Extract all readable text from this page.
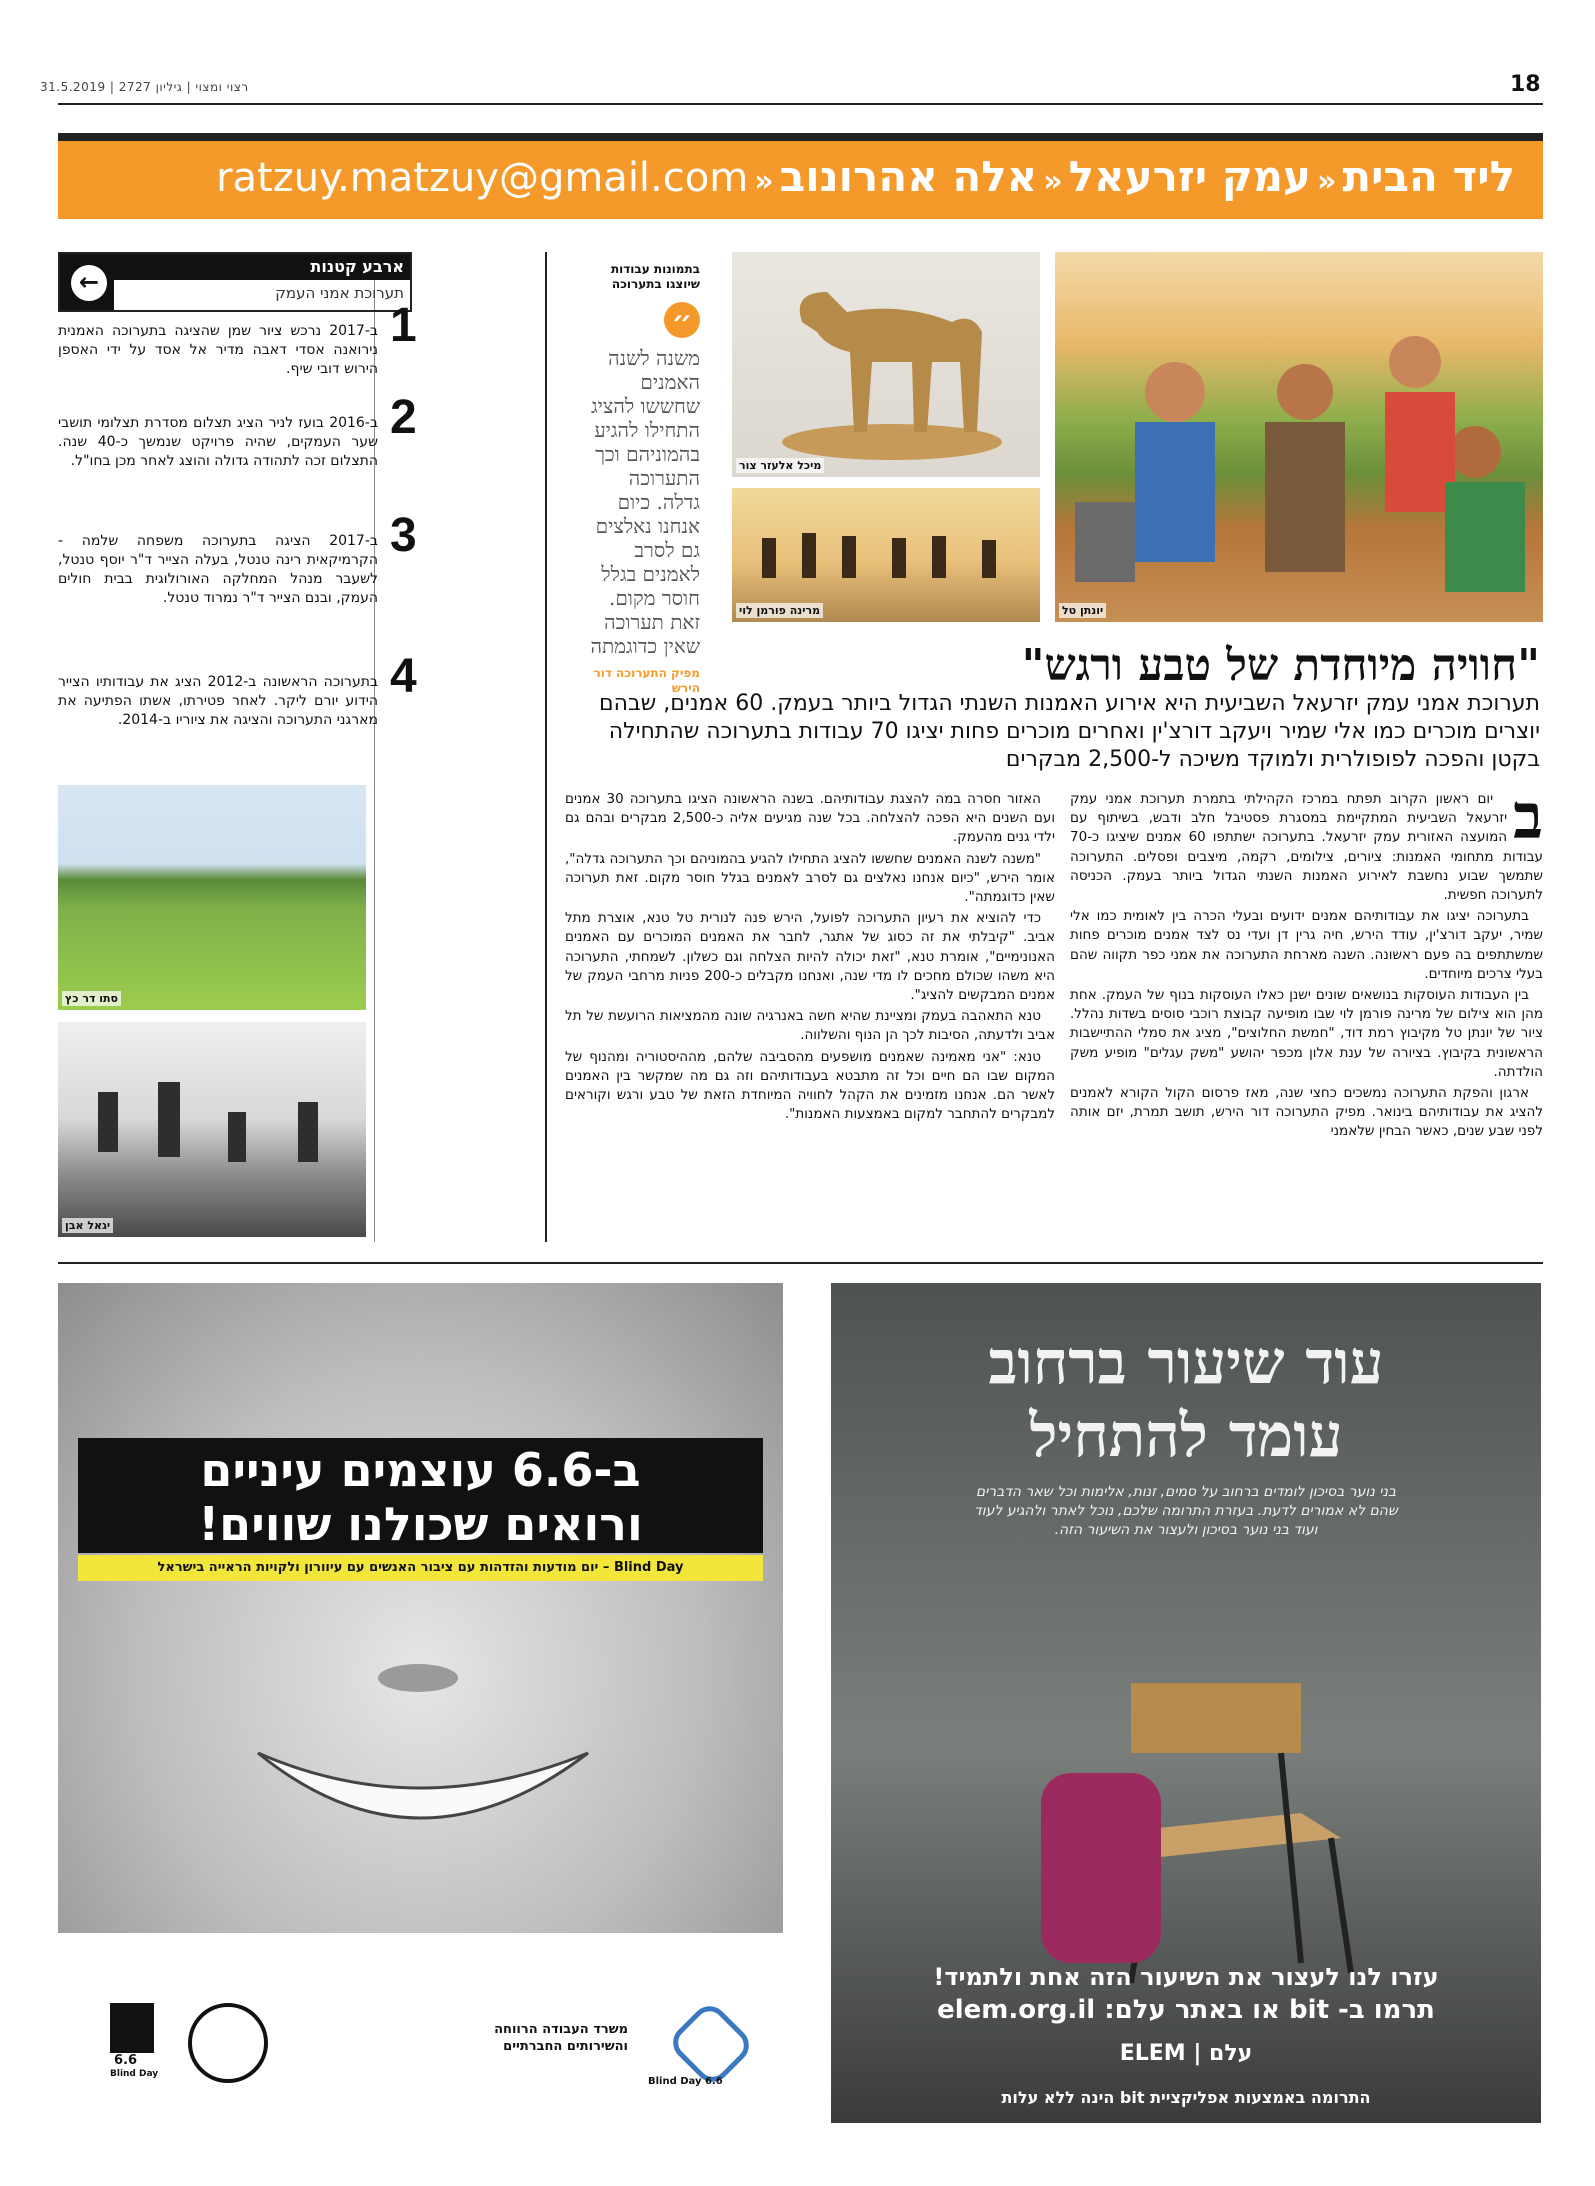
רצוי ומצוי | גיליון 2727 | 31.5.2019	18
ליד הבית«עמק יזרעאל«אלה אהרונוב«ratzuy.matzuy@gmail.com
יונתן טל
מיכל אלעזר צור
מרינה פורמן לוי
בתמונות עבודות שיוצגו בתערוכה
״
משנה לשנה האמנים שחששו להציג התחילו להגיע בהמוניהם וכך התערוכה גדלה. כיום אנחנו נאלצים גם לסרב לאמנים בגלל חוסר מקום. זאת תערוכה שאין כדוגמתה
מפיק התערוכה דור הירש	"חוויה מיוחדת של טבע ורגש"
תערוכת אמני עמק יזרעאל השביעית היא אירוע האמנות השנתי הגדול ביותר בעמק. 60 אמנים, שבהם יוצרים מוכרים כמו אלי שמיר ויעקב דורצ'ין ואחרים מוכרים פחות יציגו 70 עבודות בתערוכה שהתחילה בקטן והפכה לפופולרית ולמוקד משיכה ל-2,500 מבקרים
ב

יום ראשון הקרוב תפתח במרכז הקהילתי בתמרת תערוכת אמני עמק יזרעאל השביעית המתקיימת במסגרת פסטיבל חלב ודבש, בשיתוף עם המועצה האזורית עמק יזרעאל. בתערוכה ישתתפו 60 אמנים שיציגו כ-70 עבודות מתחומי האמנות: ציורים, צילומים, רקמה, מיצבים ופסלים. התערוכה שתמשך שבוע נחשבת לאירוע האמנות השנתי הגדול ביותר בעמק. הכניסה לתערוכה חפשית.

בתערוכה יציגו את עבודותיהם אמנים ידועים ובעלי הכרה בין לאומית כמו אלי שמיר, יעקב דורצ'ין, עודד הירש, חיה גרין דן ועדי נס לצד אמנים מוכרים פחות שמשתתפים בה פעם ראשונה. השנה מארחת התערוכה את אמני כפר תקווה שהם בעלי צרכים מיוחדים.

בין העבודות העוסקות בנושאים שונים ישנן כאלו העוסקות בנוף של העמק. אחת מהן הוא צילום של מרינה פורמן לוי שבו מופיעה קבוצת רוכבי סוסים בשדות נהלל. ציור של יונתן טל מקיבוץ רמת דוד, "חמשת החלוצים", מציג את סמלי ההתיישבות הראשונית בקיבוץ. בציורה של ענת אלון מכפר יהושע "משק עגלים" מופיע משק הולדתה.

ארגון והפקת התערוכה נמשכים כחצי שנה, מאז פרסום הקול הקורא לאמנים להציג את עבודותיהם בינואר. מפיק התערוכה דור הירש, תושב תמרת, יזם אותה לפני שבע שנים, כאשר הבחין שלאמני

האזור חסרה במה להצגת עבודותיהם. בשנה הראשונה הציגו בתערוכה 30 אמנים ועם השנים היא הפכה להצלחה. בכל שנה מגיעים אליה כ-2,500 מבקרים ובהם גם ילדי גנים מהעמק.

"משנה לשנה האמנים שחששו להציג התחילו להגיע בהמוניהם וכך התערוכה גדלה", אומר הירש, "כיום אנחנו נאלצים גם לסרב לאמנים בגלל חוסר מקום. זאת תערוכה שאין כדוגמתה".

כדי להוציא את רעיון התערוכה לפועל, הירש פנה לנורית טל טנא, אוצרת מתל אביב. "קיבלתי את זה כסוג של אתגר, לחבר את האמנים המוכרים עם האמנים האנונימיים", אומרת טנא, "זאת יכולה להיות הצלחה וגם כשלון. לשמחתי, התערוכה היא משהו שכולם מחכים לו מדי שנה, ואנחנו מקבלים כ-200 פניות מרחבי העמק של אמנים המבקשים להציג".

טנא התאהבה בעמק ומציינת שהיא חשה באנרגיה שונה מהמציאות הרועשת של תל אביב ולדעתה, הסיבות לכך הן הנוף והשלווה.

טנא: "אני מאמינה שאמנים מושפעים מהסביבה שלהם, מההיסטוריה ומהנוף של המקום שבו הם חיים וכל זה מתבטא בעבודותיהם וזה גם מה שמקשר בין האמנים לאשר הם. אנחנו מזמינים את הקהל לחוויה המיוחדת הזאת של טבע ורגש וקוראים למבקרים להתחבר למקום באמצעות האמנות".

ארבע קטנות
תערוכת אמני העמק
←
1
ב-2017 נרכש ציור שמן שהציגה בתערוכה האמנית נירואנה אסדי דאבה מדיר אל אסד על ידי האספן הירוש דובי שיף.
2
ב-2016 בועז לניר הציג תצלום מסדרת תצלומי תושבי שער העמקים, שהיה פרויקט שנמשך כ-40 שנה. התצלום זכה לתהודה גדולה והוצג לאחר מכן בחו"ל.
3
ב-2017 הציגה בתערוכה משפחה שלמה - הקרמיקאית רינה טנטל, בעלה הצייר ד"ר יוסף טנטל, לשעבר מנהל המחלקה האורולוגית בבית חולים העמק, ובנם הצייר ד"ר נמרוד טנטל.
4
בתערוכה הראשונה ב-2012 הציג את עבודותיו הצייר הידוע יורם ליקר. לאחר פטירתו, אשתו הפתיעה את מארגני התערוכה והציגה את ציוריו ב-2014.
סתו דר כץ
יגאל אבן
ב-6.6 עוצמים עיניים
ורואים שכולנו שווים!
Blind Day – יום מודעות והזדהות עם ציבור האנשים עם עיוורון ולקויות הראייה בישראל
6.6
Blind Day
משרד העבודה הרווחה והשירותים החברתיים
Blind Day 6.6
עוד שיעור ברחוב
עומד להתחיל
בני נוער בסיכון לומדים ברחוב על סמים, זנות, אלימות וכל שאר הדברים שהם לא אמורים לדעת. בעזרת התרומה שלכם, נוכל לאתר ולהגיע לעוד ועוד בני נוער בסיכון ולעצור את השיעור הזה.
עזרו לנו לעצור את השיעור הזה אחת ולתמיד!
תרמו ב- bit או באתר עלם: elem.org.il
ELEM | עלם
התרומה באמצעות אפליקציית bit הינה ללא עלות
